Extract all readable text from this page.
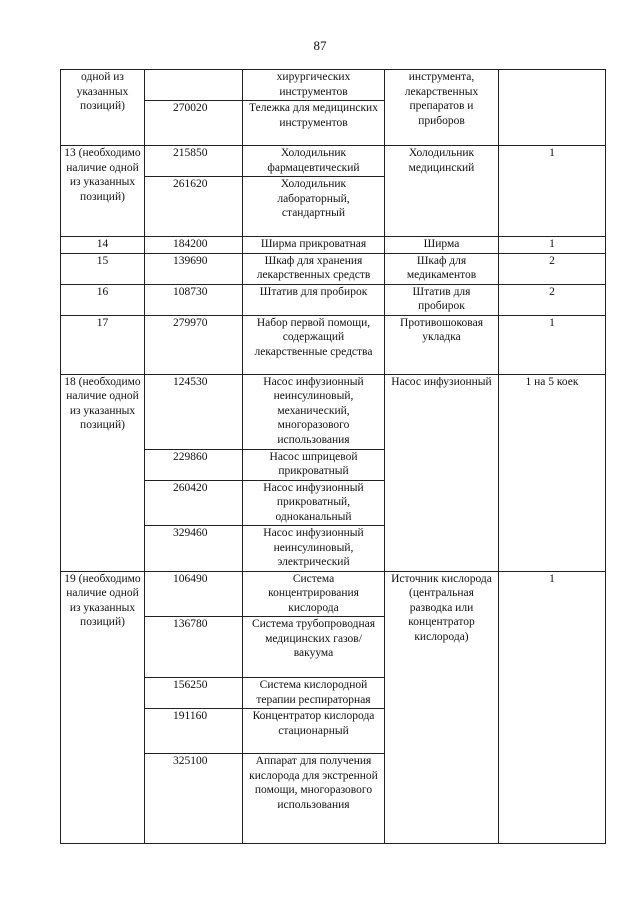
87
одной из указанных позиций)		хирургических инструментов	инструмента, лекарственных препаратов и приборов	
	270020	Тележка для медицинских инструментов		
13 (необходимо наличие одной из указанных позиций)	215850	Холодильник фармацевтический	Холодильник медицинский	1
	261620	Холодильник лабораторный, стандартный		
14	184200	Ширма прикроватная	Ширма	1
15	139690	Шкаф для хранения лекарственных средств	Шкаф для медикаментов	2
16	108730	Штатив для пробирок	Штатив для пробирок	2
17	279970	Набор первой помощи, содержащий лекарственные средства	Противошоковая укладка	1
18 (необходимо наличие одной из указанных позиций)	124530	Насос инфузионный неинсулиновый, механический, многоразового использования	Насос инфузионный	1 на 5 коек
	229860	Насос шприцевой прикроватный		
	260420	Насос инфузионный прикроватный, одноканальный		
	329460	Насос инфузионный неинсулиновый, электрический		
19 (необходимо наличие одной из указанных позиций)	106490	Система концентрирования кислорода	Источник кислорода (центральная разводка или концентратор кислорода)	1
	136780	Система трубопроводная медицинских газов/вакуума		
	156250	Система кислородной терапии респираторная		
	191160	Концентратор кислорода стационарный		
	325100	Аппарат для получения кислорода для экстренной помощи, многоразового использования		
